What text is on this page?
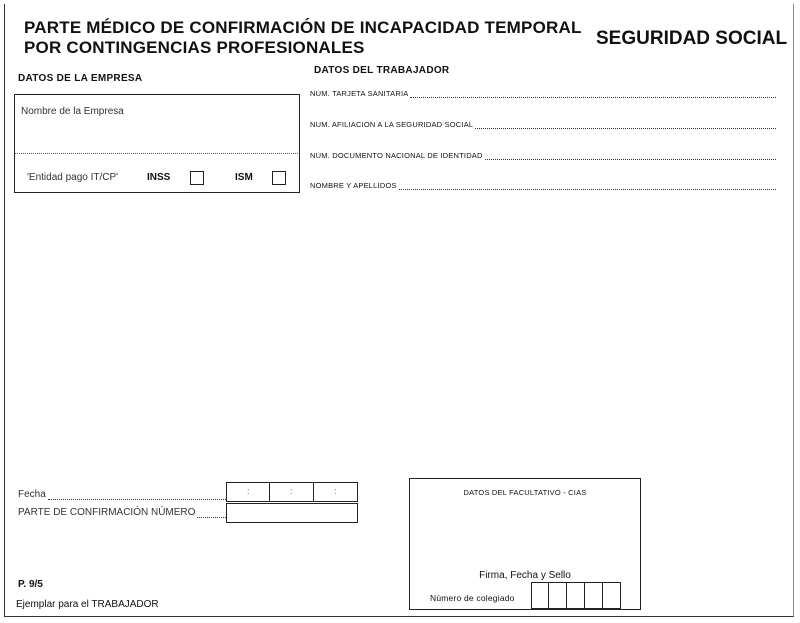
PARTE MÉDICO DE CONFIRMACIÓN DE INCAPACIDAD TEMPORAL
POR CONTINGENCIAS PROFESIONALES	SEGURIDAD SOCIAL
DATOS DE LA EMPRESA
Nombre de la Empresa
'Entidad pago IT/CP'	INSS	ISM
DATOS DEL TRABAJADOR
NUM. TARJETA SANITARIA
NUM. AFILIACION A LA SEGURIDAD SOCIAL
NUM. DOCUMENTO NACIONAL DE IDENTIDAD
NOMBRE Y APELLIDOS
Fecha	:	:	:
PARTE DE CONFIRMACIÓN NÚMERO
P. 9/5
Ejemplar para el TRABAJADOR
DATOS DEL FACULTATIVO - CIAS
Firma, Fecha y Sello
Número de colegiado
